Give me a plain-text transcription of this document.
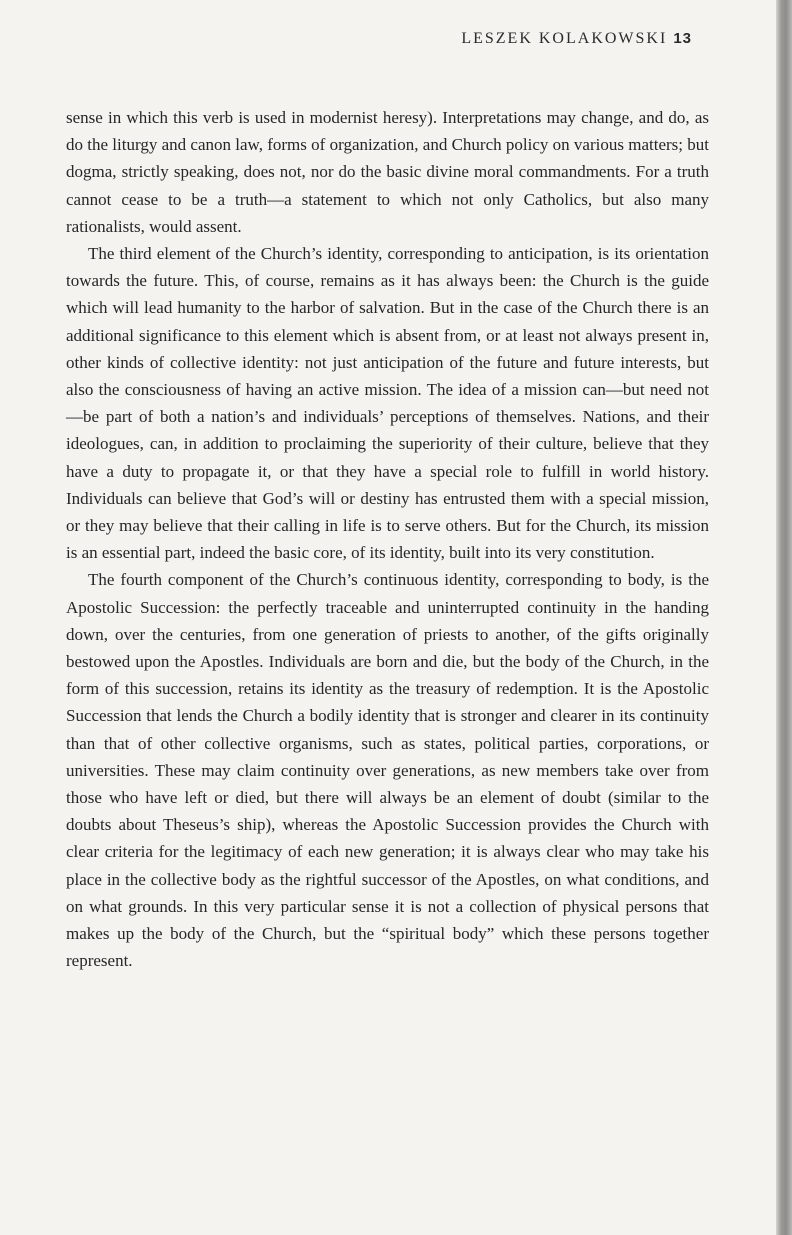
LESZEK KOLAKOWSKI 13

sense in which this verb is used in modernist heresy). Interpretations may change, and do, as do the liturgy and canon law, forms of organization, and Church policy on various matters; but dogma, strictly speaking, does not, nor do the basic divine moral commandments. For a truth cannot cease to be a truth—a statement to which not only Catholics, but also many rationalists, would assent.

The third element of the Church’s identity, corresponding to anticipation, is its orientation towards the future. This, of course, remains as it has always been: the Church is the guide which will lead humanity to the harbor of salvation. But in the case of the Church there is an additional significance to this element which is absent from, or at least not always present in, other kinds of collective identity: not just anticipation of the future and future interests, but also the consciousness of having an active mission. The idea of a mission can—but need not—be part of both a nation’s and individuals’ perceptions of themselves. Nations, and their ideologues, can, in addition to proclaiming the superiority of their culture, believe that they have a duty to propagate it, or that they have a special role to fulfill in world history. Individuals can believe that God’s will or destiny has entrusted them with a special mission, or they may believe that their calling in life is to serve others. But for the Church, its mission is an essential part, indeed the basic core, of its identity, built into its very constitution.

The fourth component of the Church’s continuous identity, corresponding to body, is the Apostolic Succession: the perfectly traceable and uninterrupted continuity in the handing down, over the centuries, from one generation of priests to another, of the gifts originally bestowed upon the Apostles. Individuals are born and die, but the body of the Church, in the form of this succession, retains its identity as the treasury of redemption. It is the Apostolic Succession that lends the Church a bodily identity that is stronger and clearer in its continuity than that of other collective organisms, such as states, political parties, corporations, or universities. These may claim continuity over generations, as new members take over from those who have left or died, but there will always be an element of doubt (similar to the doubts about Theseus’s ship), whereas the Apostolic Succession provides the Church with clear criteria for the legitimacy of each new generation; it is always clear who may take his place in the collective body as the rightful successor of the Apostles, on what conditions, and on what grounds. In this very particular sense it is not a collection of physical persons that makes up the body of the Church, but the “spiritual body” which these persons together represent.
